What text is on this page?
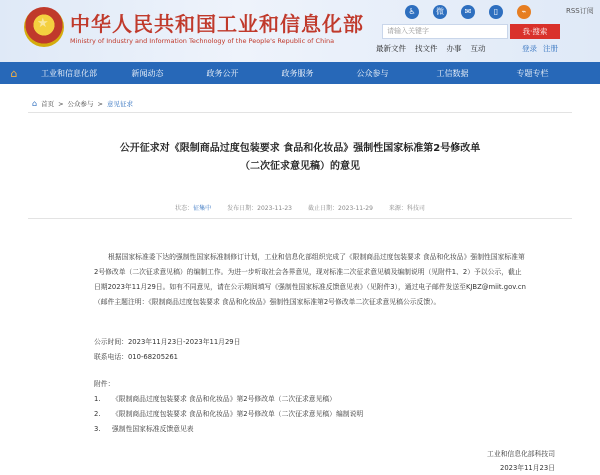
★
中华人民共和国工业和信息化部
Ministry of Industry and Information Technology of the People's Republic of China
♿	微	✉	▯	⌁	RSS订阅
请输入关键字	我·搜索
最新文件 找文件 办事 互动	登录 注册
⌂	工业和信息化部	新闻动态	政务公开	政务服务	公众参与	工信数据	专题专栏
⌂ 首页 > 公众参与 > 意见征求
公开征求对《限制商品过度包装要求 食品和化妆品》强制性国家标准第2号修改单
（二次征求意见稿）的意见
状态：征集中	发布日期：2023-11-23	截止日期：2023-11-29	来源：科技司
根据国家标准委下达的强制性国家标准制修订计划，工业和信息化部组织完成了《限制商品过度包装要求 食品和化妆品》强制性国家标准第2号修改单（二次征求意见稿）的编制工作。为进一步听取社会各界意见，现对标准二次征求意见稿及编制说明（见附件1、2）予以公示，截止日期2023年11月29日。如有不同意见，请在公示期间填写《强制性国家标准反馈意见表》（见附件3），通过电子邮件发送至KJBZ@miit.gov.cn（邮件主题注明：《限制商品过度包装要求 食品和化妆品》强制性国家标准第2号修改单二次征求意见稿公示反馈）。
公示时间：2023年11月23日-2023年11月29日
联系电话：010-68205261
附件：
1. 《限制商品过度包装要求 食品和化妆品》第2号修改单（二次征求意见稿）
2. 《限制商品过度包装要求 食品和化妆品》第2号修改单（二次征求意见稿）编制说明
3. 强制性国家标准反馈意见表
工业和信息化部科技司
2023年11月23日
